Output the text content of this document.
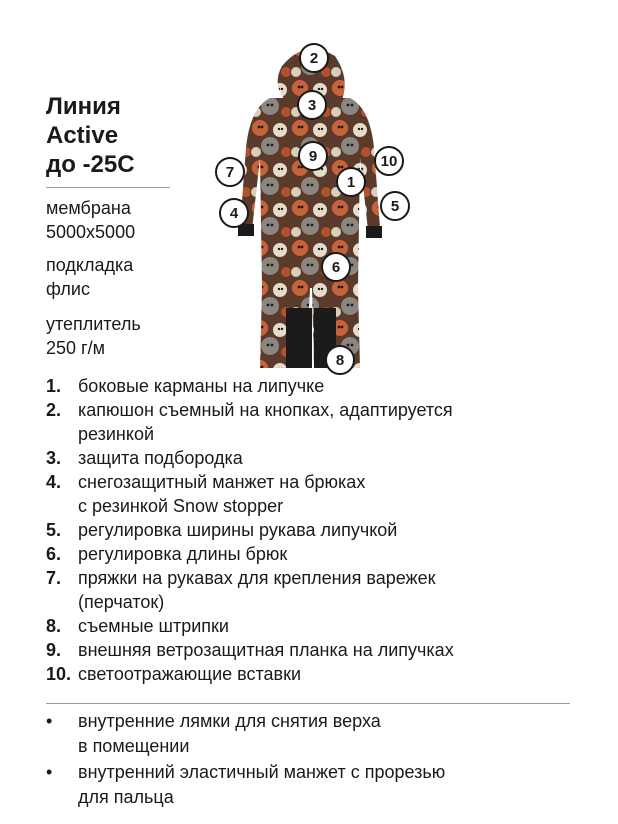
Линия
Active
до -25С
мембрана
5000х5000
подкладка
флис
утеплитель
250 г/м
2
3
9
7
10
1
4	5
6
8
1. боковые карманы на липучке
2. капюшон съемный на кнопках, адаптируется
резинкой
3. защита подбородка
4. снегозащитный манжет на брюках
с резинкой Snow stopper
5. регулировка ширины рукава липучкой
6. регулировка длины брюк
7. пряжки на рукавах для крепления варежек
(перчаток)
8. съемные штрипки
9. внешняя ветрозащитная планка на липучках
10. светоотражающие вставки
•	внутренние лямки для снятия верха
в помещении
•	внутренний эластичный манжет с прорезью
для пальца
